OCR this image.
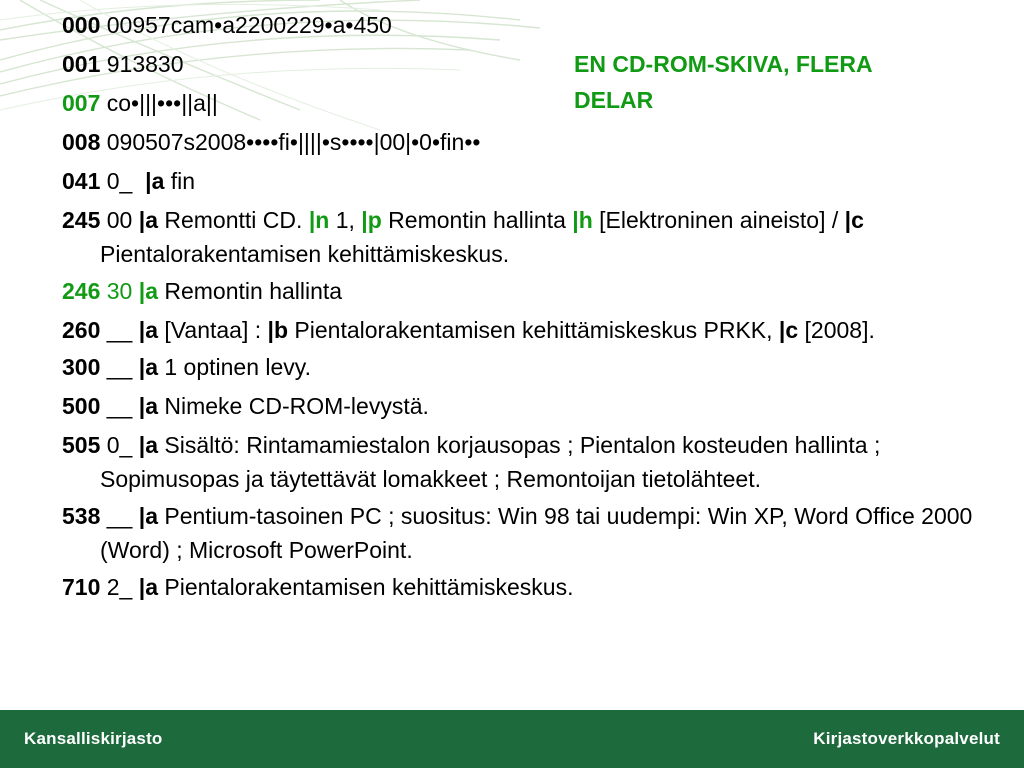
EN CD-ROM-SKIVA, FLERA
DELAR
000 00957cam•a2200229•a•450
001 913830
007 co•|||•••||a||
008 090507s2008••••fi•||||•s••••|00|•0•fin••
041 0_  |a fin
245 00 |a Remontti CD. |n 1, |p Remontin hallinta |h [Elektroninen aineisto] / |c Pientalorakentamisen kehittämiskeskus.
246 30 |a Remontin hallinta
260 __ |a [Vantaa] : |b Pientalorakentamisen kehittämiskeskus PRKK, |c [2008].
300 __ |a 1 optinen levy.
500 __ |a Nimeke CD-ROM-levystä.
505 0_ |a Sisältö: Rintamamiestalon korjausopas ; Pientalon kosteuden hallinta ; Sopimusopas ja täytettävät lomakkeet ; Remontoijan tietolähteet.
538 __ |a Pentium-tasoinen PC ; suositus: Win 98 tai uudempi: Win XP, Word Office 2000 (Word) ; Microsoft PowerPoint.
710 2_ |a Pientalorakentamisen kehittämiskeskus.
Kansalliskirjasto	Kirjastoverkkopalvelut
